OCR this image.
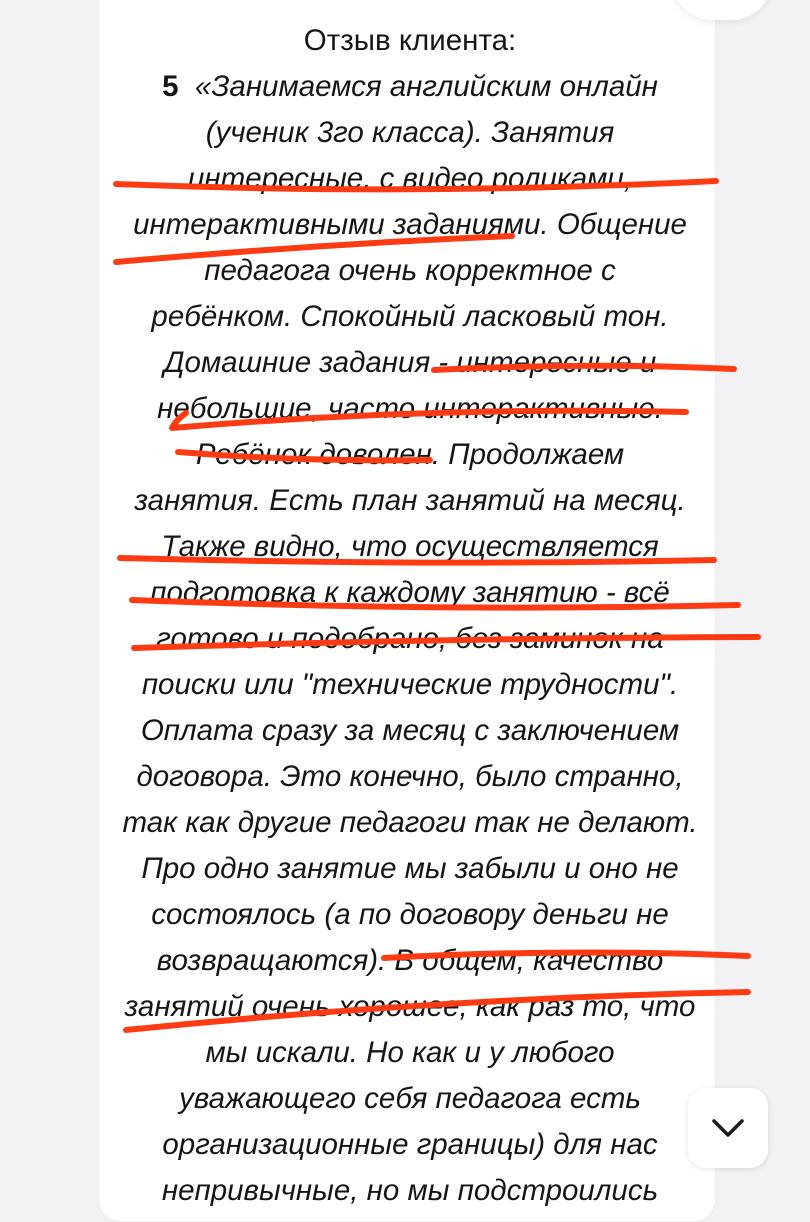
Отзыв клиента:
5 «Занимаемся английским онлайн
(ученик 3го класса). Занятия
интересные, с видео роликами,
интерактивными заданиями. Общение
педагога очень корректное с
ребёнком. Спокойный ласковый тон.
Домашние задания - интересные и
небольшие, часто интерактивные.
Ребёнок доволен. Продолжаем
занятия. Есть план занятий на месяц.
Также видно, что осуществляется
подготовка к каждому занятию - всё
готово и подобрано, без заминок на
поиски или "технические трудности".
Оплата сразу за месяц с заключением
договора. Это конечно, было странно,
так как другие педагоги так не делают.
Про одно занятие мы забыли и оно не
состоялось (а по договору деньги не
возвращаются). В общем, качество
занятий очень хорошее, как раз то, что
мы искали. Но как и у любого
уважающего себя педагога есть
организационные границы) для нас
непривычные, но мы подстроились
